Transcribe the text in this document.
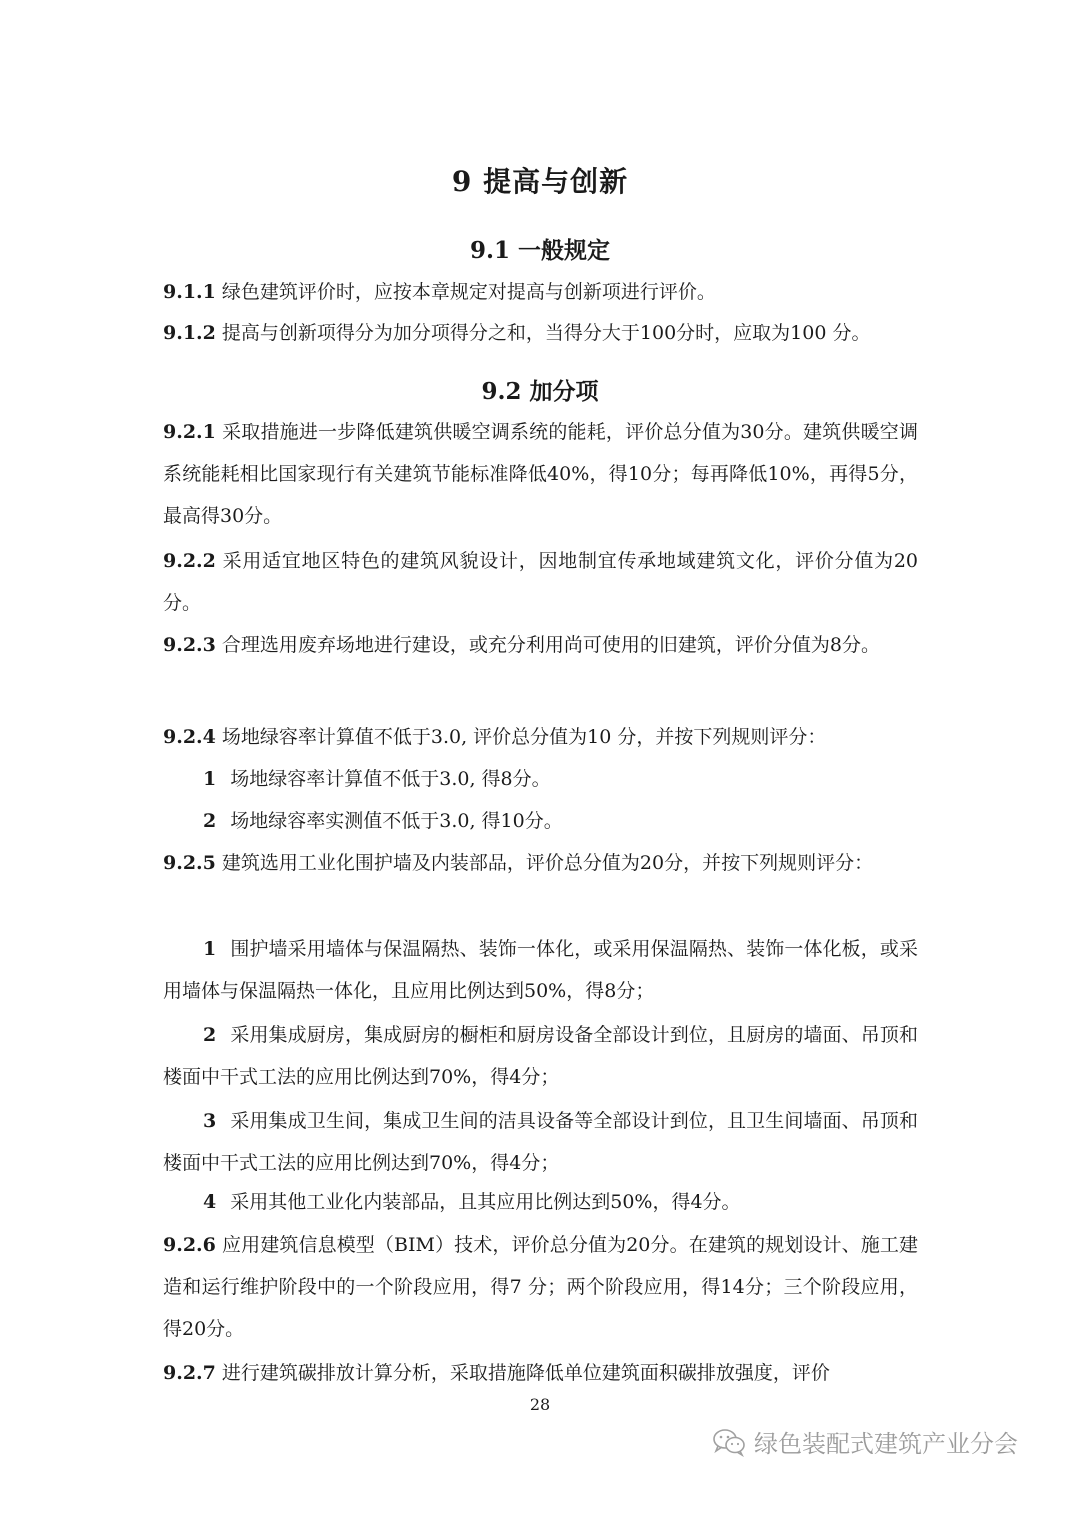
9 提高与创新
9.1 一般规定

9.1.1 绿色建筑评价时，应按本章规定对提高与创新项进行评价。

9.1.2 提高与创新项得分为加分项得分之和，当得分大于100分时，应取为100 分。

9.2 加分项

9.2.1 采取措施进一步降低建筑供暖空调系统的能耗，评价总分值为30分。建筑供暖空调系统能耗相比国家现行有关建筑节能标准降低40%，得10分；每再降低10%，再得5分，最高得30分。

9.2.2 采用适宜地区特色的建筑风貌设计，因地制宜传承地域建筑文化，评价分值为20分。

9.2.3 合理选用废弃场地进行建设，或充分利用尚可使用的旧建筑，评价分值为8分。

9.2.4 场地绿容率计算值不低于3.0, 评价总分值为10 分，并按下列规则评分：

1 场地绿容率计算值不低于3.0, 得8分。

2 场地绿容率实测值不低于3.0, 得10分。

9.2.5 建筑选用工业化围护墙及内装部品，评价总分值为20分，并按下列规则评分：

1 围护墙采用墙体与保温隔热、装饰一体化，或采用保温隔热、装饰一体化板，或采用墙体与保温隔热一体化，且应用比例达到50%，得8分；

2 采用集成厨房，集成厨房的橱柜和厨房设备全部设计到位，且厨房的墙面、吊顶和楼面中干式工法的应用比例达到70%，得4分；

3 采用集成卫生间，集成卫生间的洁具设备等全部设计到位，且卫生间墙面、吊顶和楼面中干式工法的应用比例达到70%，得4分；

4 采用其他工业化内装部品，且其应用比例达到50%，得4分。

9.2.6 应用建筑信息模型（BIM）技术，评价总分值为20分。在建筑的规划设计、施工建造和运行维护阶段中的一个阶段应用，得7 分；两个阶段应用，得14分；三个阶段应用，得20分。

9.2.7 进行建筑碳排放计算分析，采取措施降低单位建筑面积碳排放强度，评价

28
绿色装配式建筑产业分会
